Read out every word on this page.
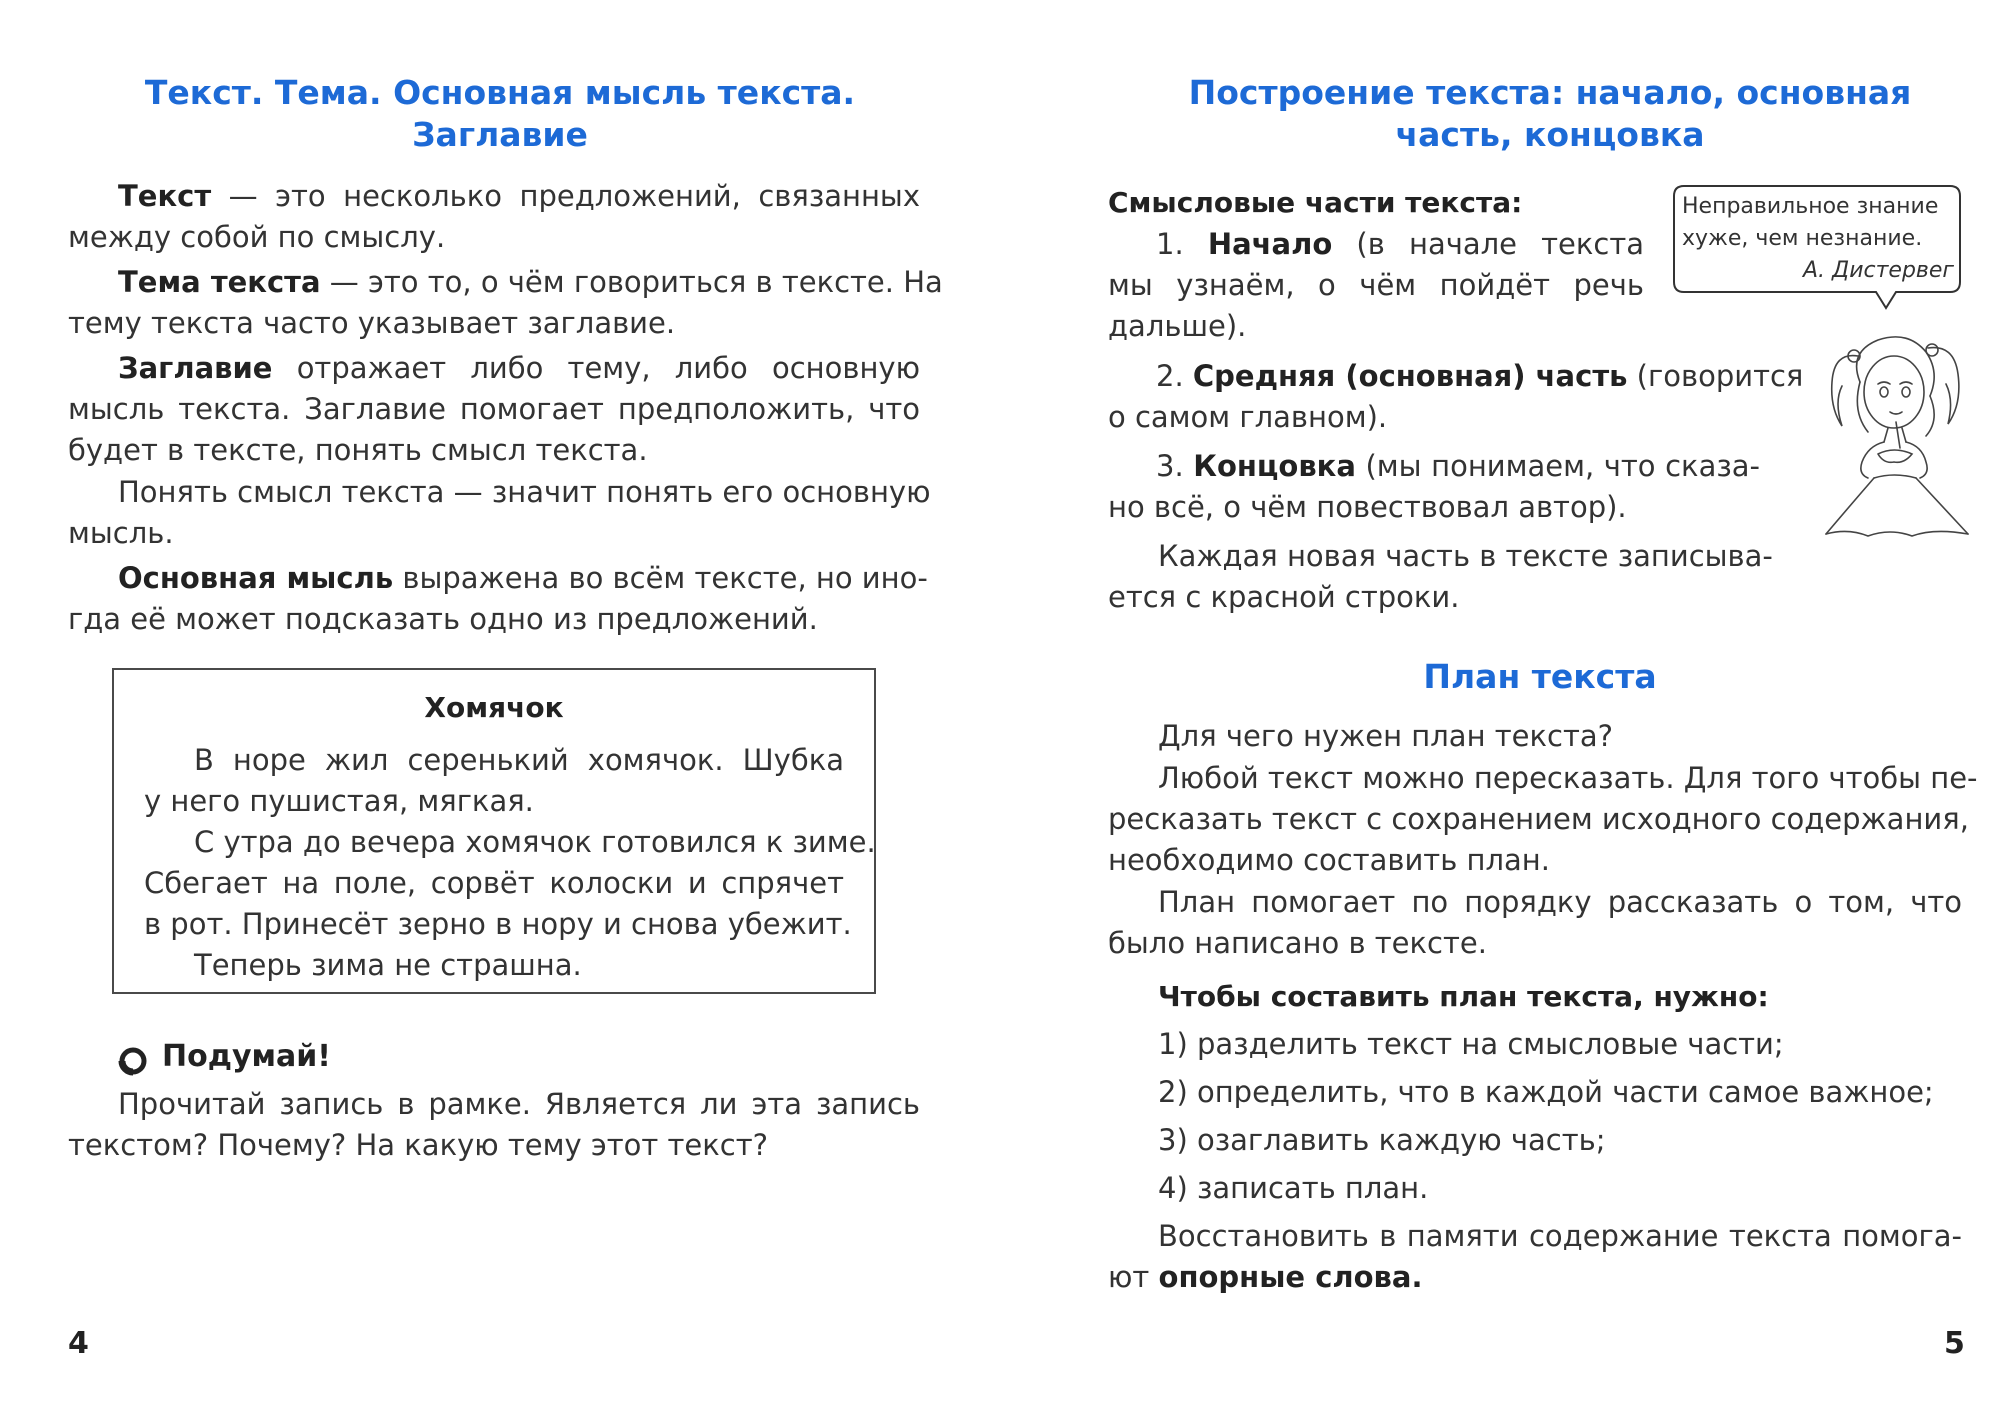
Текст. Тема. Основная мысль текста.
Заглавие

Текст — это несколько предложений, связанных
между собой по смыслу.

Тема текста — это то, о чём говориться в тексте. На
тему текста часто указывает заглавие.

Заглавие отражает либо тему, либо основную
мысль текста. Заглавие помогает предположить, что
будет в тексте, понять смысл текста.

Понять смысл текста — значит понять его основную
мысль.

Основная мысль выражена во всём тексте, но ино-
гда её может подсказать одно из предложений.

Хомячок

В норе жил серенький хомячок. Шубка
у него пушистая, мягкая.
С утра до вечера хомячок готовился к зиме.
Сбегает на поле, сорвёт колоски и спрячет
в рот. Принесёт зерно в нору и снова убежит.
Теперь зима не страшна.

Подумай!

Прочитай запись в рамке. Является ли эта запись
текстом? Почему? На какую тему этот текст?

4

Построение текста: начало, основная
часть, концовка
Неправильное знание
хуже, чем незнание.
А. Дистервег

Смысловые части текста:

1. Начало (в начале текста
мы узнаём, о чём пойдёт речь
дальше).

2. Средняя (основная) часть (говорится
о самом главном).

3. Концовка (мы понимаем, что сказа-
но всё, о чём повествовал автор).

Каждая новая часть в тексте записыва-
ется с красной строки.

План текста

Для чего нужен план текста?

Любой текст можно пересказать. Для того чтобы пе-
ресказать текст с сохранением исходного содержания,
необходимо составить план.

План помогает по порядку рассказать о том, что
было написано в тексте.

Чтобы составить план текста, нужно:

1) разделить текст на смысловые части;

2) определить, что в каждой части самое важное;

3) озаглавить каждую часть;

4) записать план.

Восстановить в памяти содержание текста помога-
ют опорные слова.

5
